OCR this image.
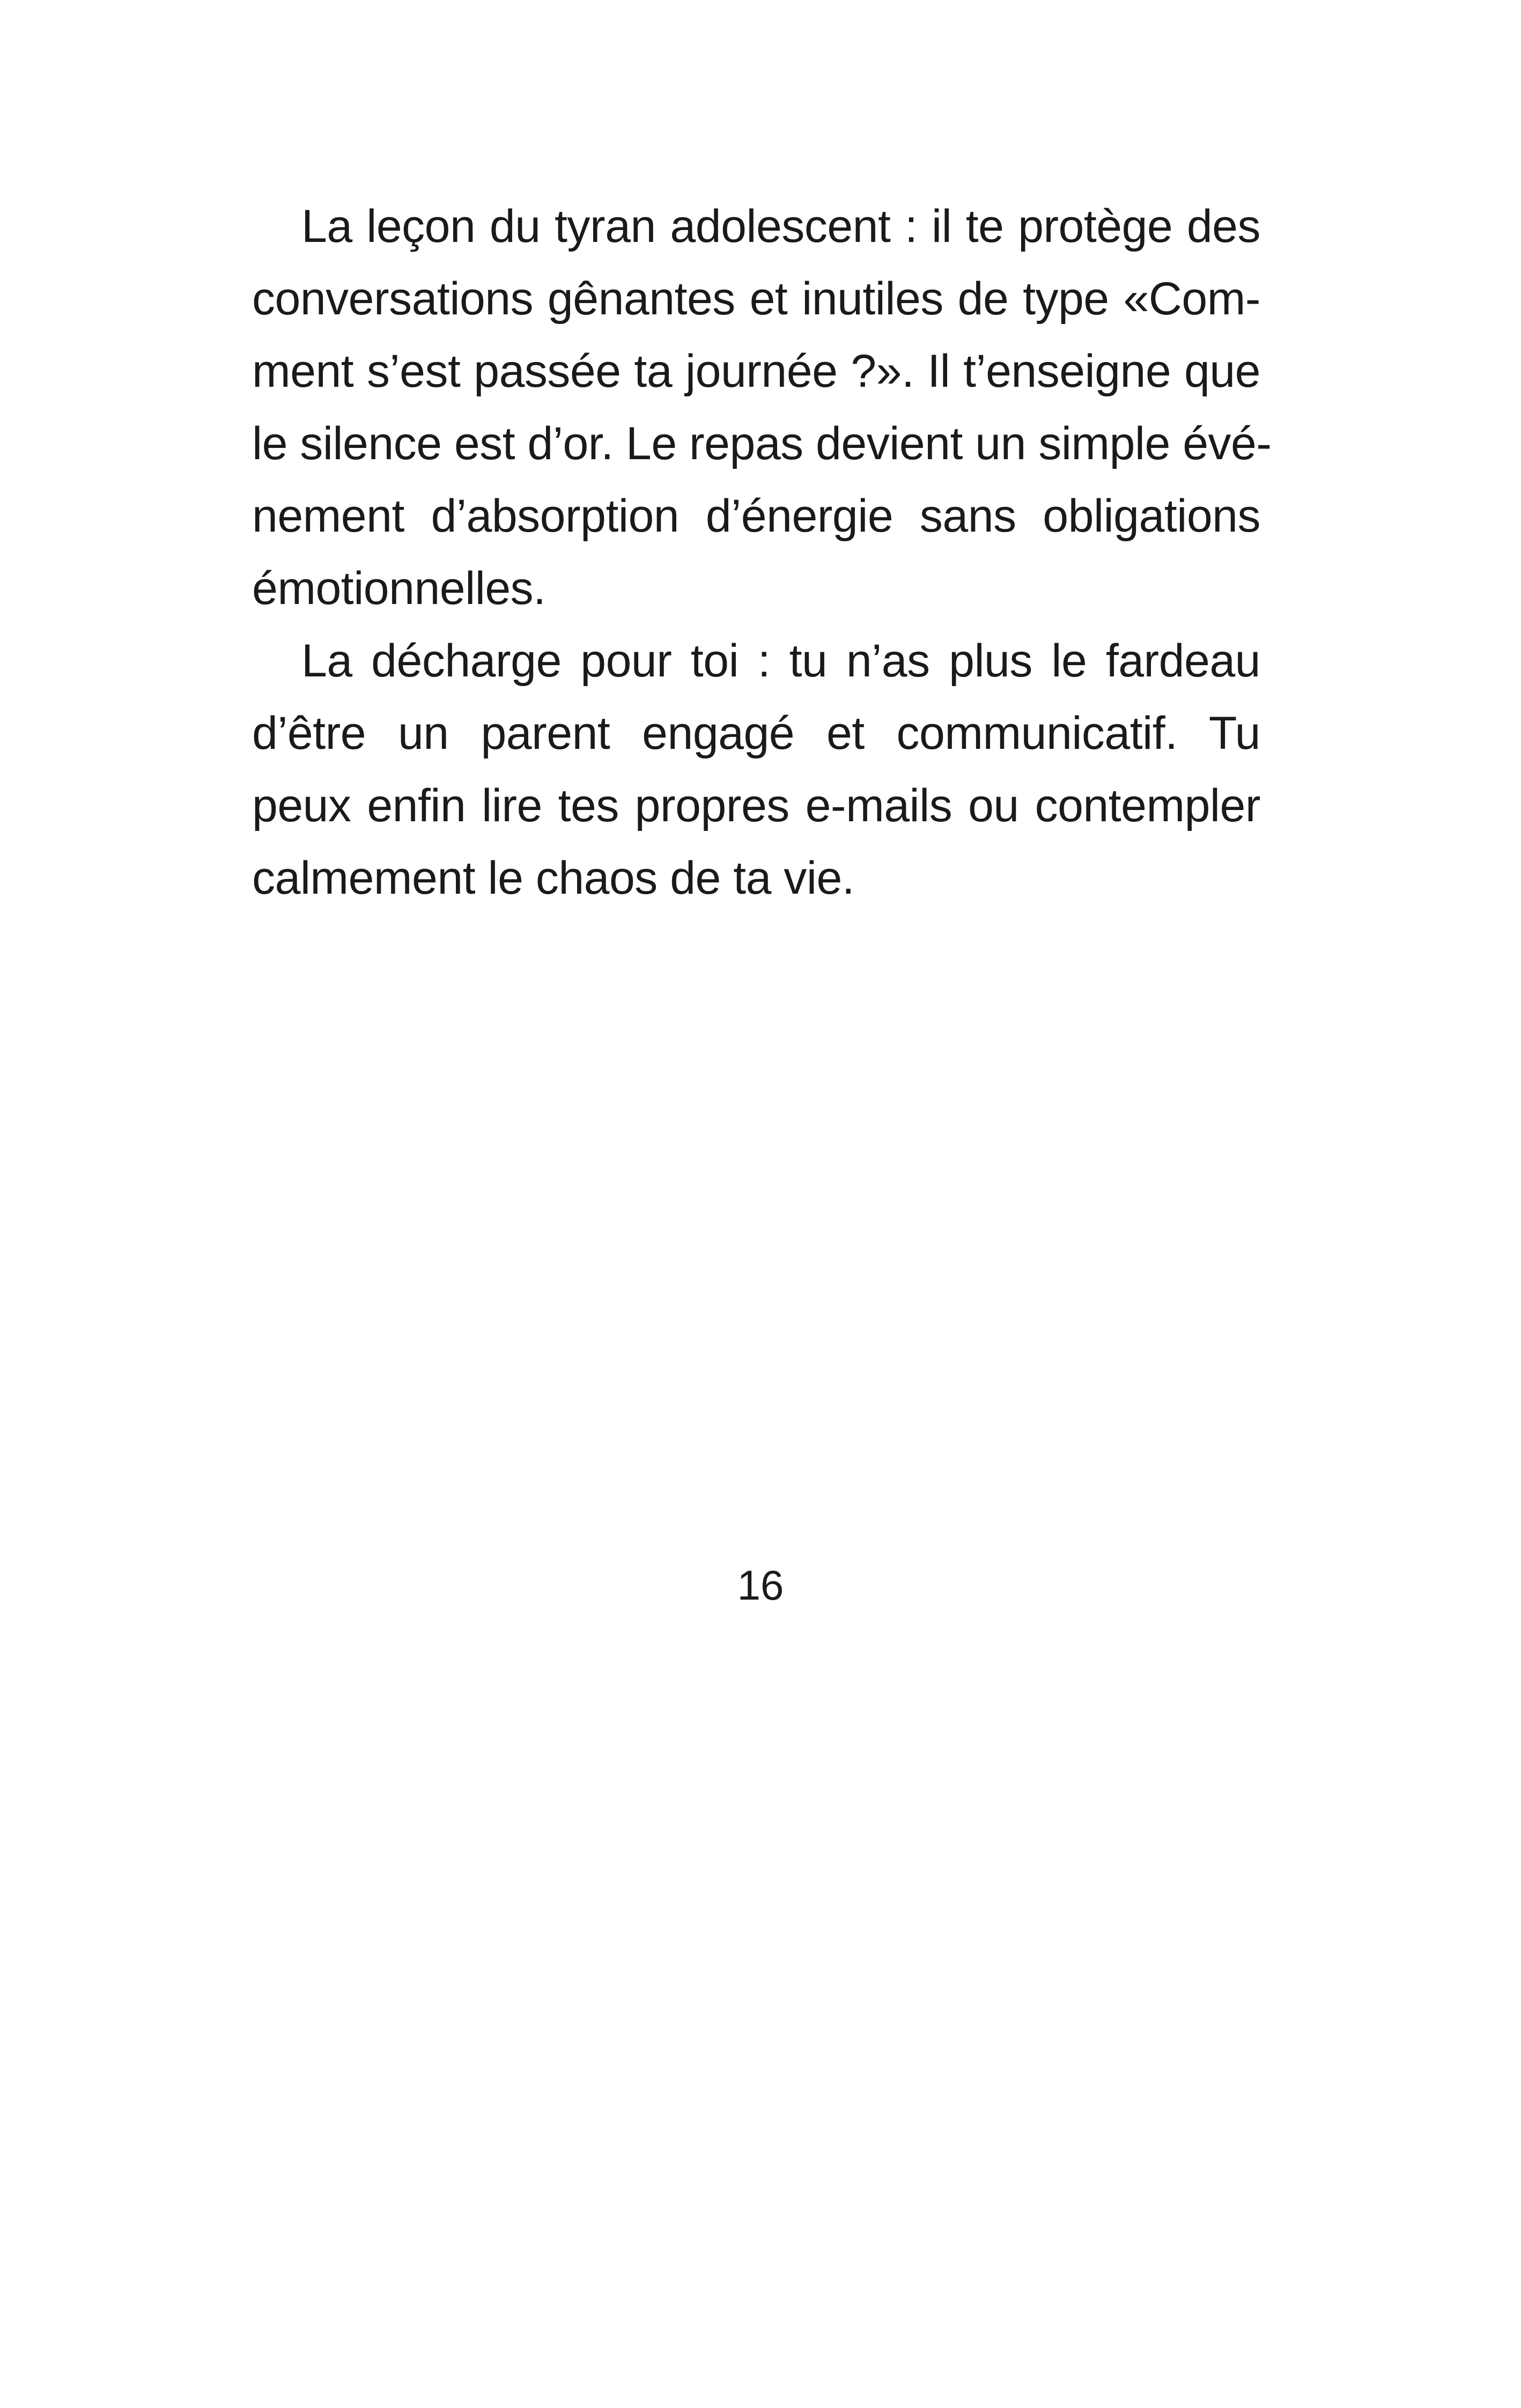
La leçon du tyran adolescent : il te protège des
conversations gênantes et inutiles de type «Com-
ment s’est passée ta journée ?». Il t’enseigne que
le silence est d’or. Le repas devient un simple évé-
nement d’absorption d’énergie sans obligations
émotionnelles.
La décharge pour toi : tu n’as plus le fardeau
d’être un parent engagé et communicatif. Tu
peux enfin lire tes propres e-mails ou contempler
calmement le chaos de ta vie.
16
